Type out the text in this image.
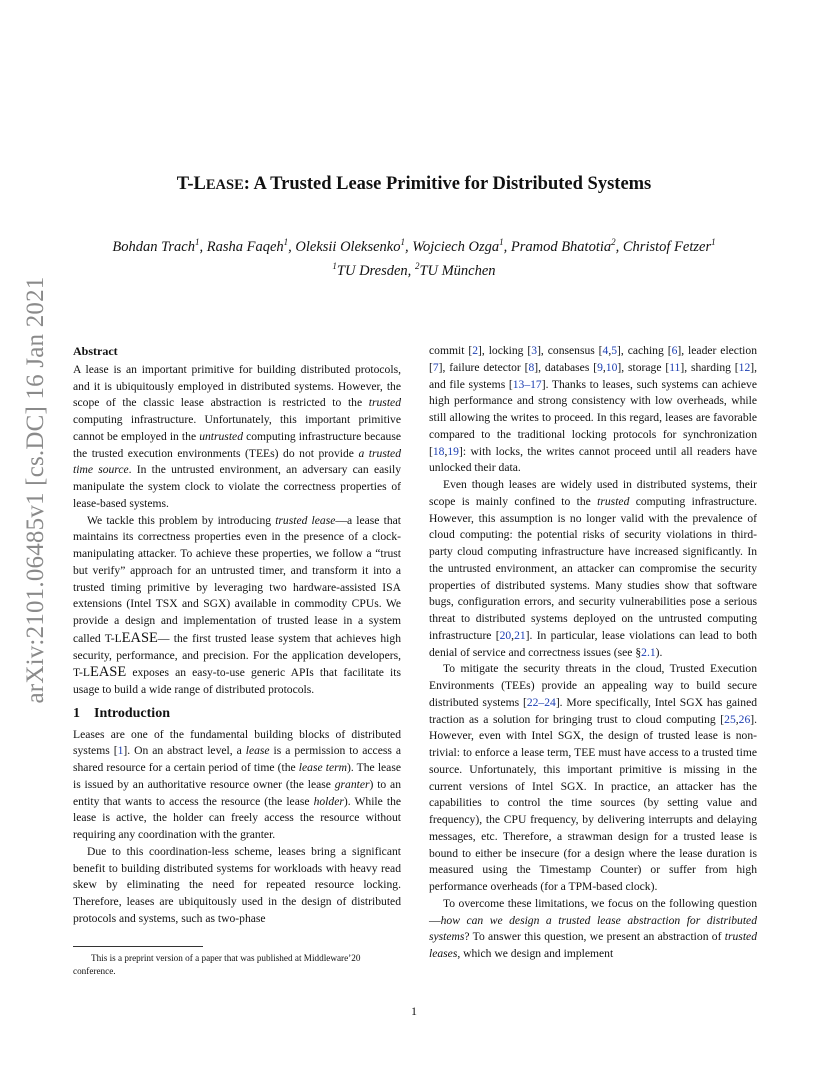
arXiv:2101.06485v1 [cs.DC] 16 Jan 2021
T-LEASE: A Trusted Lease Primitive for Distributed Systems
Bohdan Trach$^1$, Rasha Faqeh$^1$, Oleksii Oleksenko$^1$, Wojciech Ozga$^1$, Pramod Bhatotia$^2$, Christof Fetzer$^1$
$^1$TU Dresden, $^2$TU München
Abstract

A lease is an important primitive for building distributed protocols, and it is ubiquitously employed in distributed systems. However, the scope of the classic lease abstraction is restricted to the trusted computing infrastructure. Unfortunately, this important primitive cannot be employed in the untrusted computing infrastructure because the trusted execution environments (TEEs) do not provide a trusted time source. In the untrusted environment, an adversary can easily manipulate the system clock to violate the correctness properties of lease-based systems.

We tackle this problem by introducing trusted lease—a lease that maintains its correctness properties even in the presence of a clock-manipulating attacker. To achieve these properties, we follow a “trust but verify” approach for an untrusted timer, and transform it into a trusted timing primitive by leveraging two hardware-assisted ISA extensions (Intel TSX and SGX) available in commodity CPUs. We provide a design and implementation of trusted lease in a system called T-LEASE— the first trusted lease system that achieves high security, performance, and precision. For the application developers, T-LEASE exposes an easy-to-use generic APIs that facilitate its usage to build a wide range of distributed protocols.

1 Introduction

Leases are one of the fundamental building blocks of distributed systems [1]. On an abstract level, a lease is a permission to access a shared resource for a certain period of time (the lease term). The lease is issued by an authoritative resource owner (the lease granter) to an entity that wants to access the resource (the lease holder). While the lease is active, the holder can freely access the resource without requiring any coordination with the granter.

Due to this coordination-less scheme, leases bring a significant benefit to building distributed systems for workloads with heavy read skew by eliminating the need for repeated resource locking. Therefore, leases are ubiquitously used in the design of distributed protocols and systems, such as two-phase

commit [2], locking [3], consensus [4,5], caching [6], leader election [7], failure detector [8], databases [9,10], storage [11], sharding [12], and file systems [13–17]. Thanks to leases, such systems can achieve high performance and strong consistency with low overheads, while still allowing the writes to proceed. In this regard, leases are favorable compared to the traditional locking protocols for synchronization [18,19]: with locks, the writes cannot proceed until all readers have unlocked their data.

Even though leases are widely used in distributed systems, their scope is mainly confined to the trusted computing infrastructure. However, this assumption is no longer valid with the prevalence of cloud computing: the potential risks of security violations in third-party cloud computing infrastructure have increased significantly. In the untrusted environment, an attacker can compromise the security properties of distributed systems. Many studies show that software bugs, configuration errors, and security vulnerabilities pose a serious threat to distributed systems deployed on the untrusted computing infrastructure [20,21]. In particular, lease violations can lead to both denial of service and correctness issues (see §2.1).

To mitigate the security threats in the cloud, Trusted Execution Environments (TEEs) provide an appealing way to build secure distributed systems [22–24]. More specifically, Intel SGX has gained traction as a solution for bringing trust to cloud computing [25,26]. However, even with Intel SGX, the design of trusted lease is non-trivial: to enforce a lease term, TEE must have access to a trusted time source. Unfortunately, this important primitive is missing in the current versions of Intel SGX. In practice, an attacker has the capabilities to control the time sources (by setting value and frequency), the CPU frequency, by delivering interrupts and delaying messages, etc. Therefore, a strawman design for a trusted lease is bound to either be insecure (for a design where the lease duration is measured using the Timestamp Counter) or suffer from high performance overheads (for a TPM-based clock).

To overcome these limitations, we focus on the following question—how can we design a trusted lease abstraction for distributed systems? To answer this question, we present an abstraction of trusted leases, which we design and implement

This is a preprint version of a paper that was published at Middleware’20 conference.

1
